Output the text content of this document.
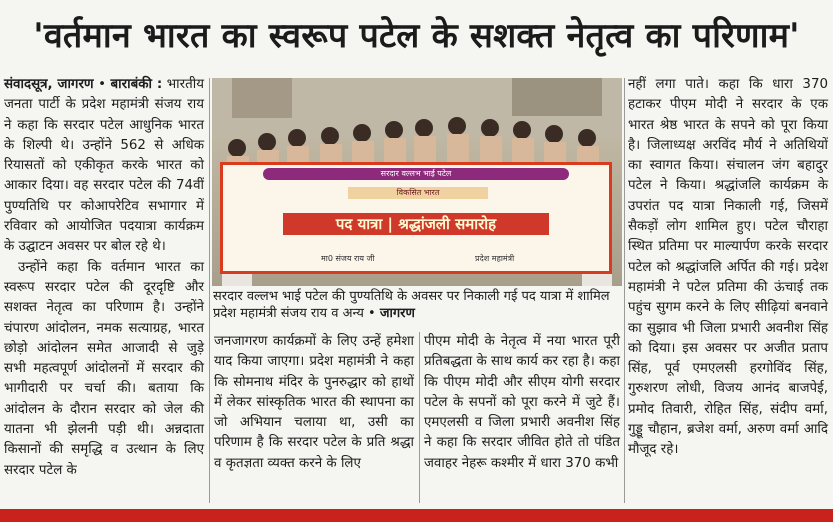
'वर्तमान भारत का स्वरूप पटेल के सशक्त नेतृत्व का परिणाम'

संवादसूत्र, जागरण • बाराबंकी : भारतीय जनता पार्टी के प्रदेश महामंत्री संजय राय ने कहा कि सरदार पटेल आधुनिक भारत के शिल्पी थे। उन्होंने 562 से अधिक रियासतों को एकीकृत करके भारत को आकार दिया। वह सरदार पटेल की 74वीं पुण्यतिथि पर कोआपरेटिव सभागार में रविवार को आयोजित पदयात्रा कार्यक्रम के उद्घाटन अवसर पर बोल रहे थे।

उन्होंने कहा कि वर्तमान भारत का स्वरूप सरदार पटेल की दूरदृष्टि और सशक्त नेतृत्व का परिणाम है। उन्होंने चंपारण आंदोलन, नमक सत्याग्रह, भारत छोड़ो आंदोलन समेत आजादी से जुड़े सभी महत्वपूर्ण आंदोलनों में सरदार की भागीदारी पर चर्चा की। बताया कि आंदोलन के दौरान सरदार को जेल की यातना भी झेलनी पड़ी थी। अन्नदाता किसानों की समृद्धि व उत्थान के लिए सरदार पटेल के

सरदार वल्लभ भाई पटेल
विकसित भारत
पद यात्रा | श्रद्धांजली समारोह
मा0 संजय राय जी	प्रदेश महामंत्री
सरदार वल्लभ भाई पटेल की पुण्यतिथि के अवसर पर निकाली गई पद यात्रा में शामिल प्रदेश महामंत्री संजय राय व अन्य • जागरण

जनजागरण कार्यक्रमों के लिए उन्हें हमेशा याद किया जाएगा। प्रदेश महामंत्री ने कहा कि सोमनाथ मंदिर के पुनरुद्धार को हाथों में लेकर सांस्कृतिक भारत की स्थापना का जो अभियान चलाया था, उसी का परिणाम है कि सरदार पटेल के प्रति श्रद्धा व कृतज्ञता व्यक्त करने के लिए

पीएम मोदी के नेतृत्व में नया भारत पूरी प्रतिबद्धता के साथ कार्य कर रहा है। कहा कि पीएम मोदी और सीएम योगी सरदार पटेल के सपनों को पूरा करने में जुटे हैं। एमएलसी व जिला प्रभारी अवनीश सिंह ने कहा कि सरदार जीवित होते तो पंडित जवाहर नेहरू कश्मीर में धारा 370 कभी

नहीं लगा पाते। कहा कि धारा 370 हटाकर पीएम मोदी ने सरदार के एक भारत श्रेष्ठ भारत के सपने को पूरा किया है। जिलाध्यक्ष अरविंद मौर्य ने अतिथियों का स्वागत किया। संचालन जंग बहादुर पटेल ने किया। श्रद्धांजलि कार्यक्रम के उपरांत पद यात्रा निकाली गई, जिसमें सैकड़ों लोग शामिल हुए। पटेल चौराहा स्थित प्रतिमा पर माल्यार्पण करके सरदार पटेल को श्रद्धांजलि अर्पित की गई। प्रदेश महामंत्री ने पटेल प्रतिमा की ऊंचाई तक पहुंच सुगम करने के लिए सीढ़ियां बनवाने का सुझाव भी जिला प्रभारी अवनीश सिंह को दिया। इस अवसर पर अजीत प्रताप सिंह, पूर्व एमएलसी हरगोविंद सिंह, गुरुशरण लोधी, विजय आनंद बाजपेई, प्रमोद तिवारी, रोहित सिंह, संदीप वर्मा, गुड्डू चौहान, ब्रजेश वर्मा, अरुण वर्मा आदि मौजूद रहे।
